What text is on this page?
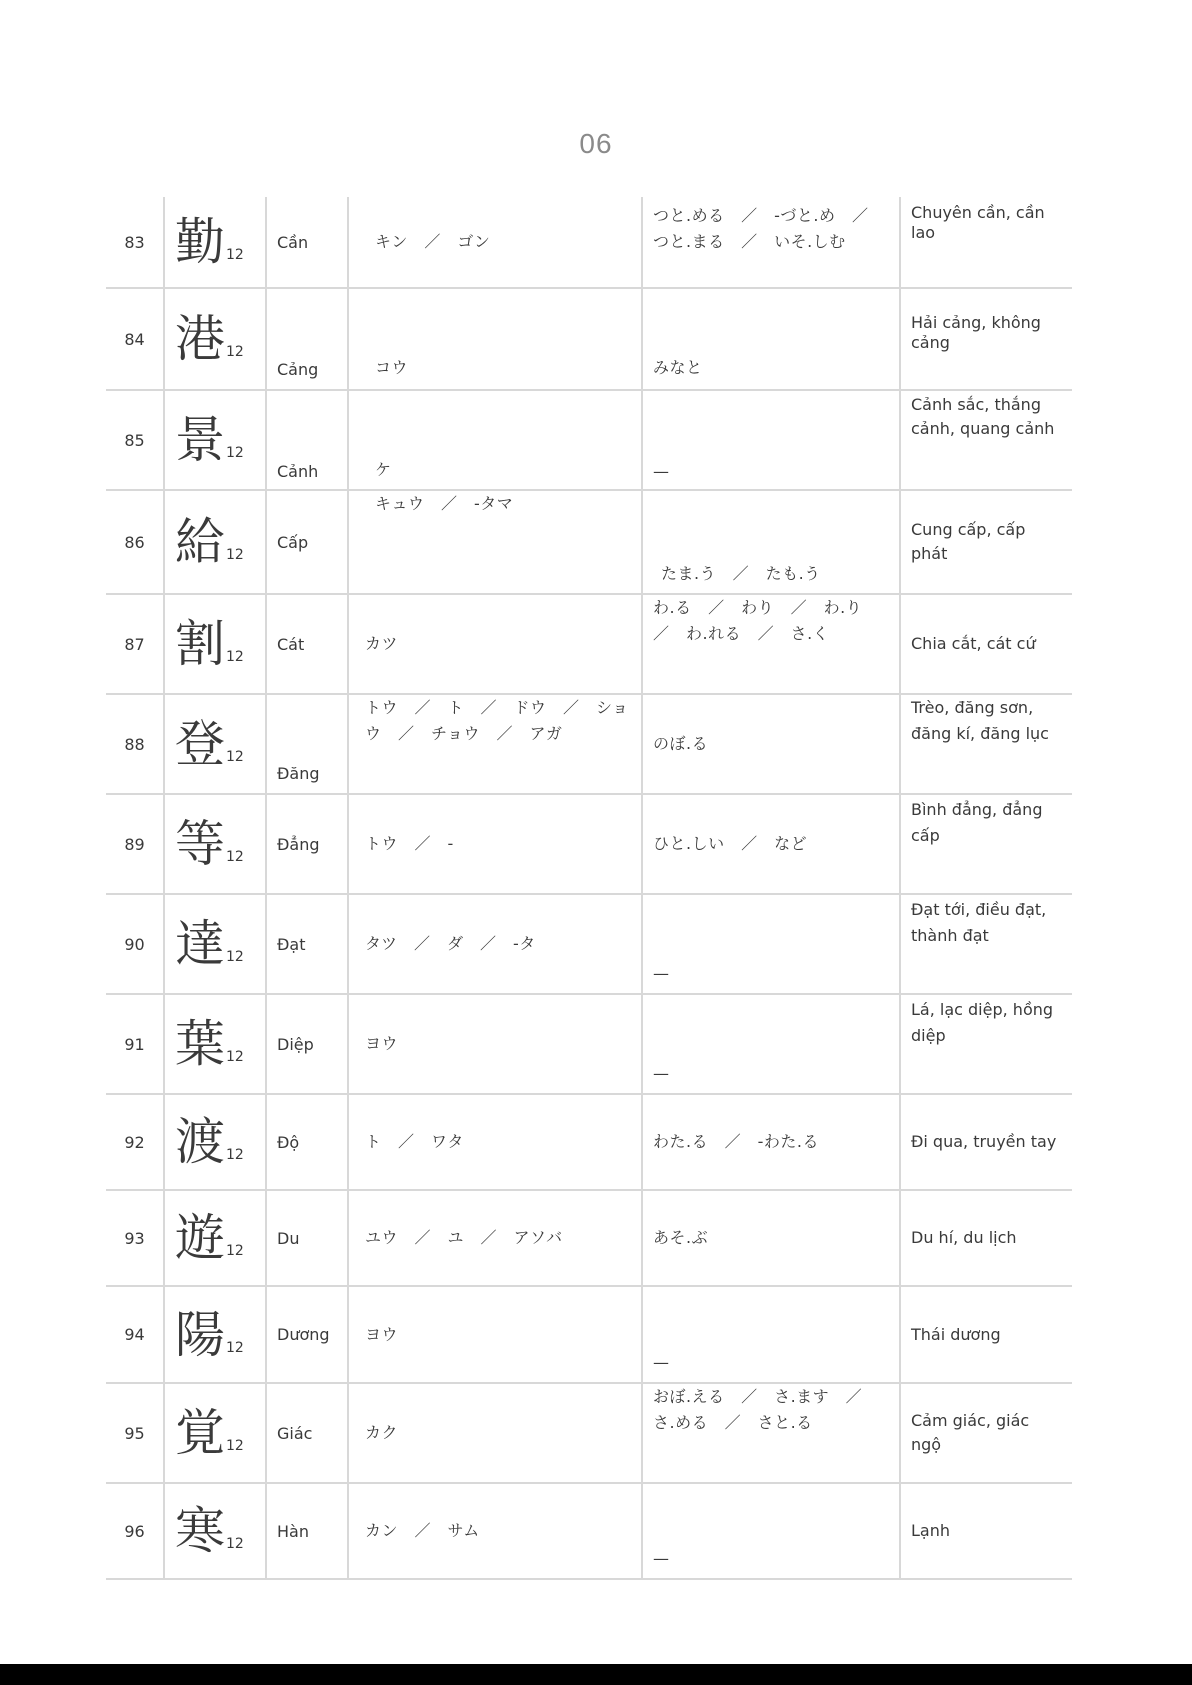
06
83	勤12	Cần	キン　／　ゴン	つと.める　／　-づと.め　／　つと.まる　／　いそ.しむ	Chuyên cần, cần lao
84	港12	Cảng	コウ	みなと	Hải cảng, không cảng
85	景12	Cảnh	ケ	—	Cảnh sắc, thắng cảnh, quang cảnh
86	給12	Cấp	キュウ　／　-タマ	たま.う　／　たも.う	Cung cấp, cấp phát
87	割12	Cát	カツ	わ.る　／　わり　／　わ.り　／　わ.れる　／　さ.く	Chia cắt, cát cứ
88	登12	Đăng	トウ　／　ト　／　ドウ　／　ショウ　／　チョウ　／　アガ	のぼ.る	Trèo, đăng sơn, đăng kí, đăng lục
89	等12	Đẳng	トウ　／　-	ひと.しい　／　など	Bình đẳng, đẳng cấp
90	達12	Đạt	タツ　／　ダ　／　-タ	—	Đạt tới, điều đạt, thành đạt
91	葉12	Diệp	ヨウ	—	Lá, lạc diệp, hồng diệp
92	渡12	Độ	ト　／　ワタ	わた.る　／　-わた.る	Đi qua, truyền tay
93	遊12	Du	ユウ　／　ユ　／　アソバ	あそ.ぶ	Du hí, du lịch
94	陽12	Dương	ヨウ	—	Thái dương
95	覚12	Giác	カク	おぼ.える　／　さ.ます　／　さ.める　／　さと.る	Cảm giác, giác ngộ
96	寒12	Hàn	カン　／　サム	—	Lạnh
